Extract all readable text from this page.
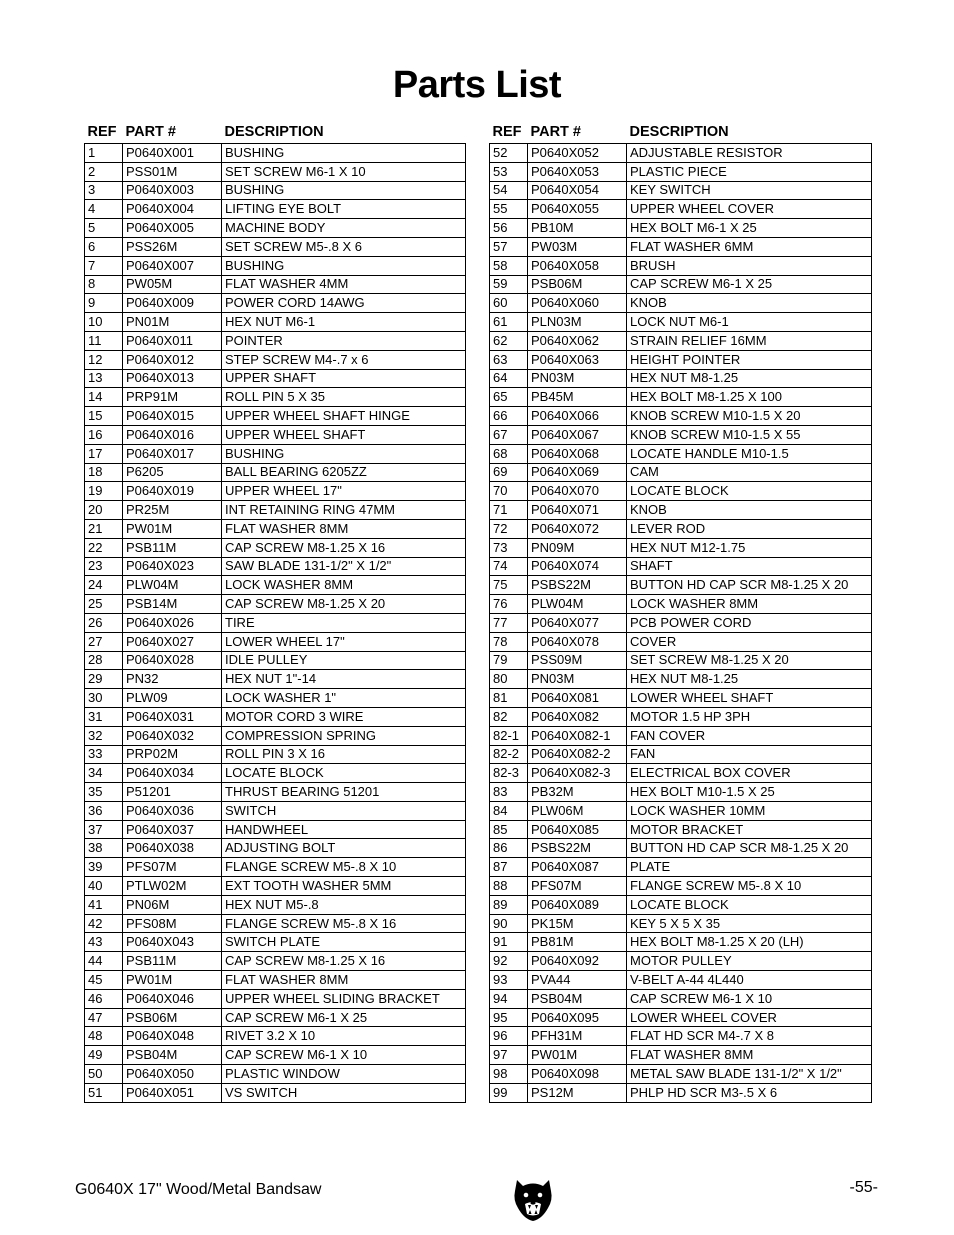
Parts List
REF	PART #	DESCRIPTION
1	P0640X001	BUSHING
2	PSS01M	SET SCREW M6-1 X 10
3	P0640X003	BUSHING
4	P0640X004	LIFTING EYE BOLT
5	P0640X005	MACHINE BODY
6	PSS26M	SET SCREW M5-.8 X 6
7	P0640X007	BUSHING
8	PW05M	FLAT WASHER 4MM
9	P0640X009	POWER CORD 14AWG
10	PN01M	HEX NUT M6-1
11	P0640X011	POINTER
12	P0640X012	STEP SCREW M4-.7 x 6
13	P0640X013	UPPER SHAFT
14	PRP91M	ROLL PIN 5 X 35
15	P0640X015	UPPER WHEEL SHAFT HINGE
16	P0640X016	UPPER WHEEL SHAFT
17	P0640X017	BUSHING
18	P6205	BALL BEARING 6205ZZ
19	P0640X019	UPPER WHEEL 17"
20	PR25M	INT RETAINING RING 47MM
21	PW01M	FLAT WASHER 8MM
22	PSB11M	CAP SCREW M8-1.25 X 16
23	P0640X023	SAW BLADE 131-1/2" X 1/2"
24	PLW04M	LOCK WASHER 8MM
25	PSB14M	CAP SCREW M8-1.25 X 20
26	P0640X026	TIRE
27	P0640X027	LOWER WHEEL 17"
28	P0640X028	IDLE PULLEY
29	PN32	HEX NUT 1"-14
30	PLW09	LOCK WASHER 1"
31	P0640X031	MOTOR CORD 3 WIRE
32	P0640X032	COMPRESSION SPRING
33	PRP02M	ROLL PIN 3 X 16
34	P0640X034	LOCATE BLOCK
35	P51201	THRUST BEARING 51201
36	P0640X036	SWITCH
37	P0640X037	HANDWHEEL
38	P0640X038	ADJUSTING BOLT
39	PFS07M	FLANGE SCREW M5-.8 X 10
40	PTLW02M	EXT TOOTH WASHER 5MM
41	PN06M	HEX NUT M5-.8
42	PFS08M	FLANGE SCREW M5-.8 X 16
43	P0640X043	SWITCH PLATE
44	PSB11M	CAP SCREW M8-1.25 X 16
45	PW01M	FLAT WASHER 8MM
46	P0640X046	UPPER WHEEL SLIDING BRACKET
47	PSB06M	CAP SCREW M6-1 X 25
48	P0640X048	RIVET 3.2 X 10
49	PSB04M	CAP SCREW M6-1 X 10
50	P0640X050	PLASTIC WINDOW
51	P0640X051	VS SWITCH
REF	PART #	DESCRIPTION
52	P0640X052	ADJUSTABLE RESISTOR
53	P0640X053	PLASTIC PIECE
54	P0640X054	KEY SWITCH
55	P0640X055	UPPER WHEEL COVER
56	PB10M	HEX BOLT M6-1 X 25
57	PW03M	FLAT WASHER 6MM
58	P0640X058	BRUSH
59	PSB06M	CAP SCREW M6-1 X 25
60	P0640X060	KNOB
61	PLN03M	LOCK NUT M6-1
62	P0640X062	STRAIN RELIEF 16MM
63	P0640X063	HEIGHT POINTER
64	PN03M	HEX NUT M8-1.25
65	PB45M	HEX BOLT M8-1.25 X 100
66	P0640X066	KNOB SCREW M10-1.5 X 20
67	P0640X067	KNOB SCREW M10-1.5 X 55
68	P0640X068	LOCATE HANDLE M10-1.5
69	P0640X069	CAM
70	P0640X070	LOCATE BLOCK
71	P0640X071	KNOB
72	P0640X072	LEVER ROD
73	PN09M	HEX NUT M12-1.75
74	P0640X074	SHAFT
75	PSBS22M	BUTTON HD CAP SCR M8-1.25 X 20
76	PLW04M	LOCK WASHER 8MM
77	P0640X077	PCB POWER CORD
78	P0640X078	COVER
79	PSS09M	SET SCREW M8-1.25 X 20
80	PN03M	HEX NUT M8-1.25
81	P0640X081	LOWER WHEEL SHAFT
82	P0640X082	MOTOR 1.5 HP 3PH
82-1	P0640X082-1	FAN COVER
82-2	P0640X082-2	FAN
82-3	P0640X082-3	ELECTRICAL BOX COVER
83	PB32M	HEX BOLT M10-1.5 X 25
84	PLW06M	LOCK WASHER 10MM
85	P0640X085	MOTOR BRACKET
86	PSBS22M	BUTTON HD CAP SCR M8-1.25 X 20
87	P0640X087	PLATE
88	PFS07M	FLANGE SCREW M5-.8 X 10
89	P0640X089	LOCATE BLOCK
90	PK15M	KEY 5 X 5 X 35
91	PB81M	HEX BOLT M8-1.25 X 20 (LH)
92	P0640X092	MOTOR PULLEY
93	PVA44	V-BELT A-44 4L440
94	PSB04M	CAP SCREW M6-1 X 10
95	P0640X095	LOWER WHEEL COVER
96	PFH31M	FLAT HD SCR M4-.7 X 8
97	PW01M	FLAT WASHER 8MM
98	P0640X098	METAL SAW BLADE 131-1/2" X 1/2"
99	PS12M	PHLP HD SCR M3-.5 X 6
G0640X 17" Wood/Metal Bandsaw	-55-
